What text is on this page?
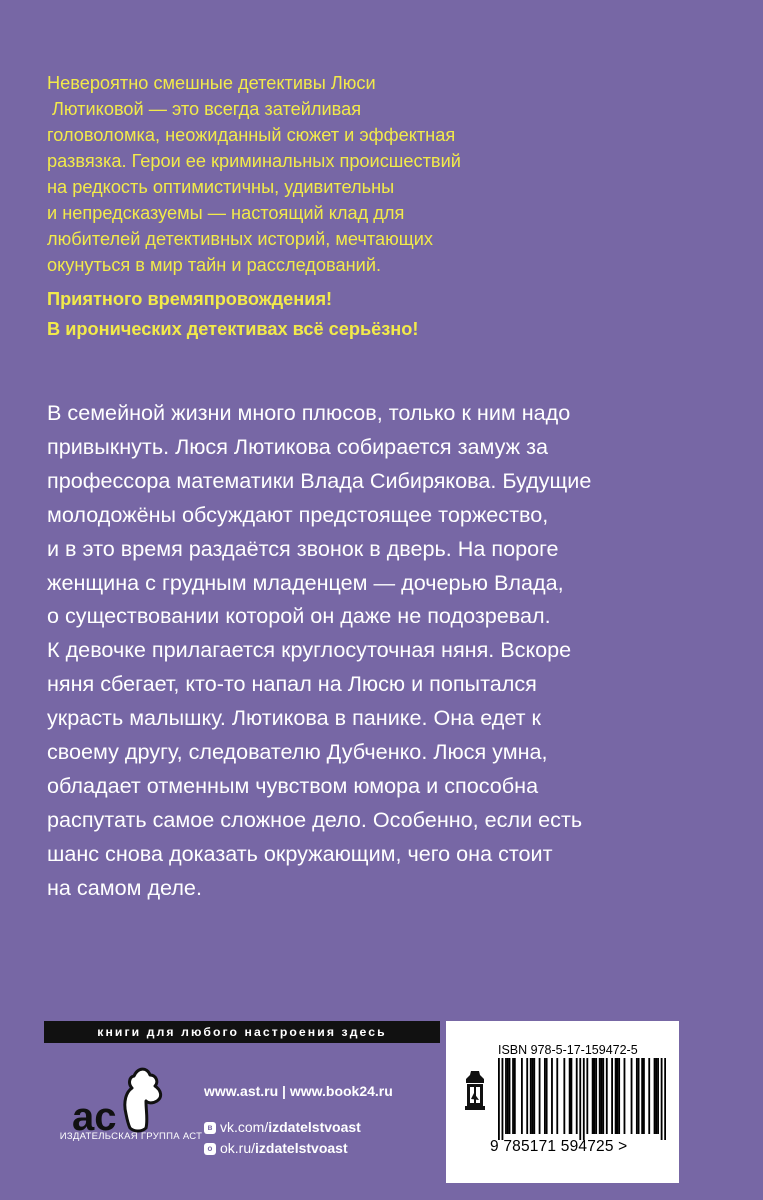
Невероятно смешные детективы Люси

Лютиковой — это всегда затейливая

головоломка, неожиданный сюжет и эффектная

развязка. Герои ее криминальных происшествий

на редкость оптимистичны, удивительны

и непредсказуемы — настоящий клад для

любителей детективных историй, мечтающих

окунуться в мир тайн и расследований.

Приятного времяпровождения!

В иронических детективах всё серьёзно!

В семейной жизни много плюсов, только к ним надо

привыкнуть. Люся Лютикова собирается замуж за

профессора математики Влада Сибирякова. Будущие

молодожёны обсуждают предстоящее торжество,

и в это время раздаётся звонок в дверь. На пороге

женщина с грудным младенцем — дочерью Влада,

о существовании которой он даже не подозревал.

К девочке прилагается круглосуточная няня. Вскоре

няня сбегает, кто-то напал на Люсю и попытался

украсть малышку. Лютикова в панике. Она едет к

своему другу, следователю Дубченко. Люся умна,

обладает отменным чувством юмора и способна

распутать самое сложное дело. Особенно, если есть

шанс снова доказать окружающим, чего она стоит

на самом деле.

книги для любого настроения здесь
ас
ИЗДАТЕЛЬСКАЯ ГРУППА АСТ
www.ast.ru | www.book24.ru
в vk.com/ izdatelstvoast
о ok.ru/ izdatelstvoast
ISBN 978-5-17-159472-5
9 785171 594725 >
